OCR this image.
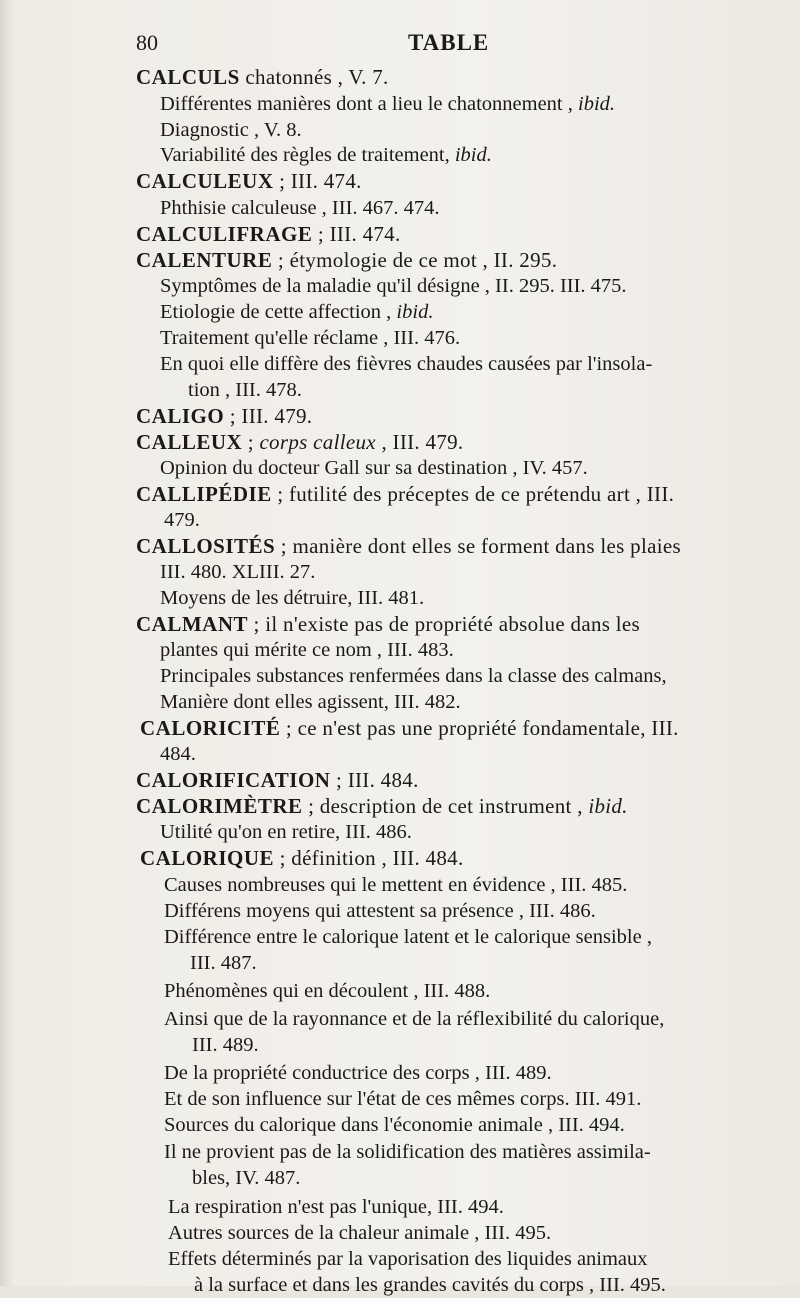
80	TABLE
CALCULS chatonnés , V. 7.
Différentes manières dont a lieu le chatonnement , ibid.
Diagnostic , V. 8.
Variabilité des règles de traitement, ibid.
CALCULEUX ; III. 474.
Phthisie calculeuse , III. 467. 474.
CALCULIFRAGE ; III. 474.
CALENTURE ; étymologie de ce mot , II. 295.
Symptômes de la maladie qu'il désigne , II. 295. III. 475.
Etiologie de cette affection , ibid.
Traitement qu'elle réclame , III. 476.
En quoi elle diffère des fièvres chaudes causées par l'insola-
tion , III. 478.
CALIGO ; III. 479.
CALLEUX ; corps calleux , III. 479.
Opinion du docteur Gall sur sa destination , IV. 457.
CALLIPÉDIE ; futilité des préceptes de ce prétendu art , III.
479.
CALLOSITÉS ; manière dont elles se forment dans les plaies
III. 480. XLIII. 27.
Moyens de les détruire, III. 481.
CALMANT ; il n'existe pas de propriété absolue dans les
plantes qui mérite ce nom , III. 483.
Principales substances renfermées dans la classe des calmans,
Manière dont elles agissent, III. 482.
CALORICITÉ ; ce n'est pas une propriété fondamentale, III.
484.
CALORIFICATION ; III. 484.
CALORIMÈTRE ; description de cet instrument , ibid.
Utilité qu'on en retire, III. 486.
CALORIQUE ; définition , III. 484.
Causes nombreuses qui le mettent en évidence , III. 485.
Différens moyens qui attestent sa présence , III. 486.
Différence entre le calorique latent et le calorique sensible ,
III. 487.
Phénomènes qui en découlent , III. 488.
Ainsi que de la rayonnance et de la réflexibilité du calorique,
III. 489.
De la propriété conductrice des corps , III. 489.
Et de son influence sur l'état de ces mêmes corps. III. 491.
Sources du calorique dans l'économie animale , III. 494.
Il ne provient pas de la solidification des matières assimila-
bles, IV. 487.
La respiration n'est pas l'unique, III. 494.
Autres sources de la chaleur animale , III. 495.
Effets déterminés par la vaporisation des liquides animaux
à la surface et dans les grandes cavités du corps , III. 495.
